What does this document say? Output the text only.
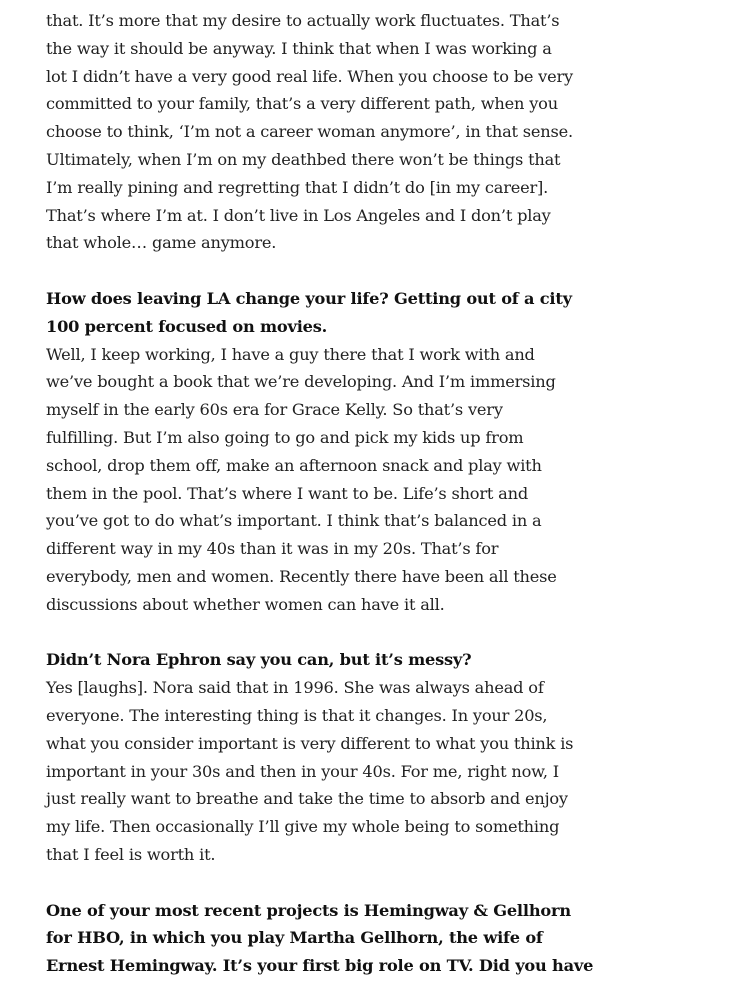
that. It’s more that my desire to actually work fluctuates. That’s
the way it should be anyway. I think that when I was working a
lot I didn’t have a very good real life. When you choose to be very
committed to your family, that’s a very different path, when you
choose to think, ‘I’m not a career woman anymore’, in that sense.
Ultimately, when I’m on my deathbed there won’t be things that
I’m really pining and regretting that I didn’t do [in my career].
That’s where I’m at. I don’t live in Los Angeles and I don’t play
that whole… game anymore.
How does leaving LA change your life? Getting out of a city
100 percent focused on movies.
Well, I keep working, I have a guy there that I work with and
we’ve bought a book that we’re developing. And I’m immersing
myself in the early 60s era for Grace Kelly. So that’s very
fulfilling. But I’m also going to go and pick my kids up from
school, drop them off, make an afternoon snack and play with
them in the pool. That’s where I want to be. Life’s short and
you’ve got to do what’s important. I think that’s balanced in a
different way in my 40s than it was in my 20s. That’s for
everybody, men and women. Recently there have been all these
discussions about whether women can have it all.
Didn’t Nora Ephron say you can, but it’s messy?
Yes [laughs]. Nora said that in 1996. She was always ahead of
everyone. The interesting thing is that it changes. In your 20s,
what you consider important is very different to what you think is
important in your 30s and then in your 40s. For me, right now, I
just really want to breathe and take the time to absorb and enjoy
my life. Then occasionally I’ll give my whole being to something
that I feel is worth it.
One of your most recent projects is Hemingway & Gellhorn
for HBO, in which you play Martha Gellhorn, the wife of
Ernest Hemingway. It’s your first big role on TV. Did you have
